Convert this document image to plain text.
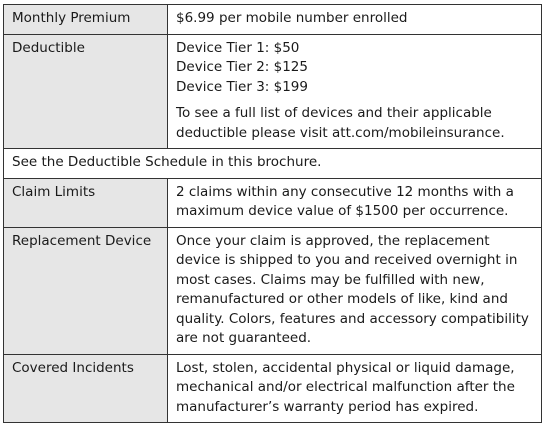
Monthly Premium	$6.99 per mobile number enrolled

Deductible	Device Tier 1: $50
Device Tier 2: $125
Device Tier 3: $199

To see a full list of devices and their applicable deductible please visit att.com/mobileinsurance.

See the Deductible Schedule in this brochure.	
Claim Limits	2 claims within any consecutive 12 months with a maximum device value of $1500 per occurrence.

Replacement Device	Once your claim is approved, the replacement device is shipped to you and received overnight in most cases. Claims may be fulfilled with new, remanufactured or other models of like, kind and quality. Colors, features and accessory compatibility are not guaranteed.

Covered Incidents	Lost, stolen, accidental physical or liquid damage, mechanical and/or electrical malfunction after the manufacturer’s warranty period has expired.
